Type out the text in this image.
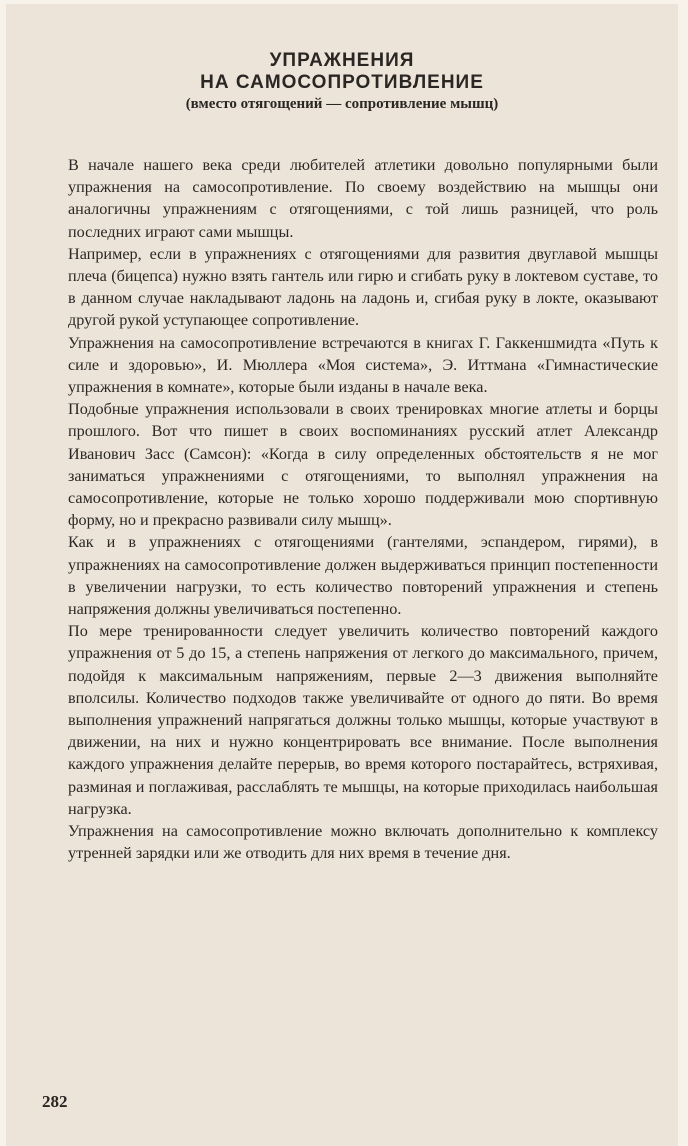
УПРАЖНЕНИЯ
НА САМОСОПРОТИВЛЕНИЕ
(вместо отягощений — сопротивление мышц)

В начале нашего века среди любителей атлетики довольно популярными были упражнения на самосопротивление. По своему воздействию на мышцы они аналогичны упражнениям с отягощениями, с той лишь разницей, что роль последних играют сами мышцы.

Например, если в упражнениях с отягощениями для развития двуглавой мышцы плеча (бицепса) нужно взять гантель или гирю и сгибать руку в локтевом суставе, то в данном случае накладывают ладонь на ладонь и, сгибая руку в локте, оказывают другой рукой уступающее сопротивление.

Упражнения на самосопротивление встречаются в книгах Г. Гаккеншмидта «Путь к силе и здоровью», И. Мюллера «Моя система», Э. Иттмана «Гимнастические упражнения в комнате», которые были изданы в начале века.

Подобные упражнения использовали в своих тренировках многие атлеты и борцы прошлого. Вот что пишет в своих воспоминаниях русский атлет Александр Иванович Засс (Самсон): «Когда в силу определенных обстоятельств я не мог заниматься упражнениями с отягощениями, то выполнял упражнения на самосопротивление, которые не только хорошо поддерживали мою спортивную форму, но и прекрасно развивали силу мышц».

Как и в упражнениях с отягощениями (гантелями, эспандером, гирями), в упражнениях на самосопротивление должен выдерживаться принцип постепенности в увеличении нагрузки, то есть количество повторений упражнения и степень напряжения должны увеличиваться постепенно.

По мере тренированности следует увеличить количество повторений каждого упражнения от 5 до 15, а степень напряжения от легкого до максимального, причем, подойдя к максимальным напряжениям, первые 2—3 движения выполняйте вполсилы. Количество подходов также увеличивайте от одного до пяти. Во время выполнения упражнений напрягаться должны только мышцы, которые участвуют в движении, на них и нужно концентрировать все внимание. После выполнения каждого упражнения делайте перерыв, во время которого постарайтесь, встряхивая, разминая и поглаживая, расслаблять те мышцы, на которые приходилась наибольшая нагрузка.

Упражнения на самосопротивление можно включать дополнительно к комплексу утренней зарядки или же отводить для них время в течение дня.

282
